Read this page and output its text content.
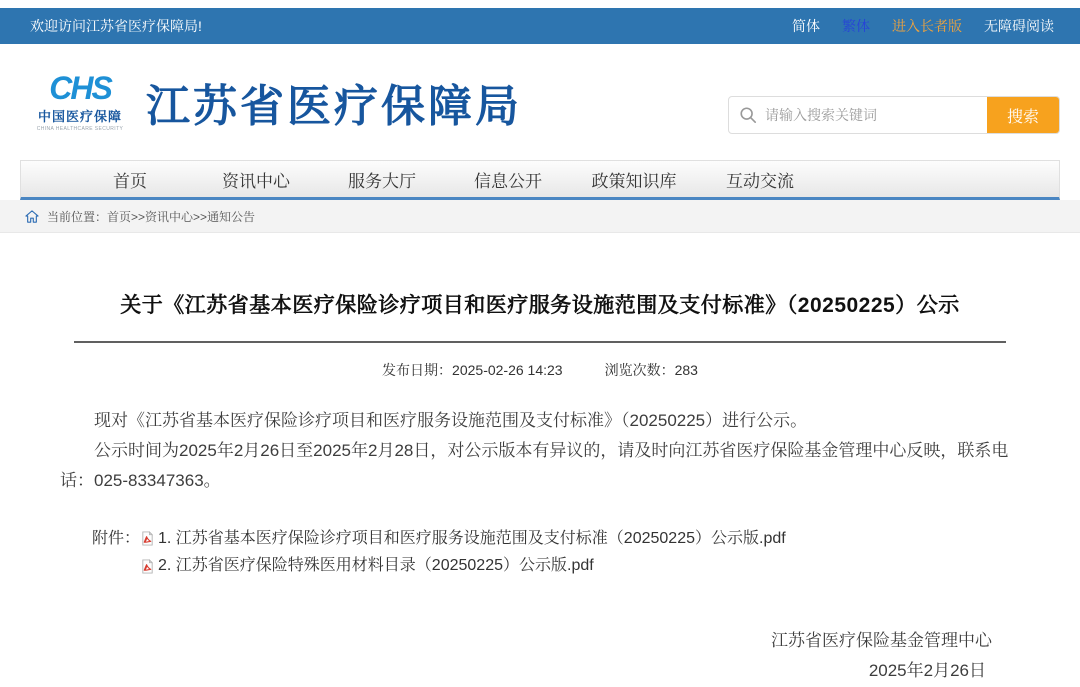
欢迎访问江苏省医疗保障局!	简体 繁体 进入长者版 无障碍阅读
CHS
中国医疗保障
CHINA HEALTHCARE SECURITY 江苏省医疗保障局
请输入搜索关键词	搜索
首页	资讯中心	服务大厅	信息公开	政策知识库	互动交流
当前位置：首页>>资讯中心>>通知公告
关于《江苏省基本医疗保险诊疗项目和医疗服务设施范围及支付标准》（20250225）公示
发布日期：2025-02-26 14:23	浏览次数：283

现对《江苏省基本医疗保险诊疗项目和医疗服务设施范围及支付标准》（20250225）进行公示。

公示时间为2025年2月26日至2025年2月28日，对公示版本有异议的，请及时向江苏省医疗保险基金管理中心反映，联系电话：025-83347363。

附件： 1. 江苏省基本医疗保险诊疗项目和医疗服务设施范围及支付标准（20250225）公示版.pdf
2. 江苏省医疗保险特殊医用材料目录（20250225）公示版.pdf
江苏省医疗保险基金管理中心
2025年2月26日
